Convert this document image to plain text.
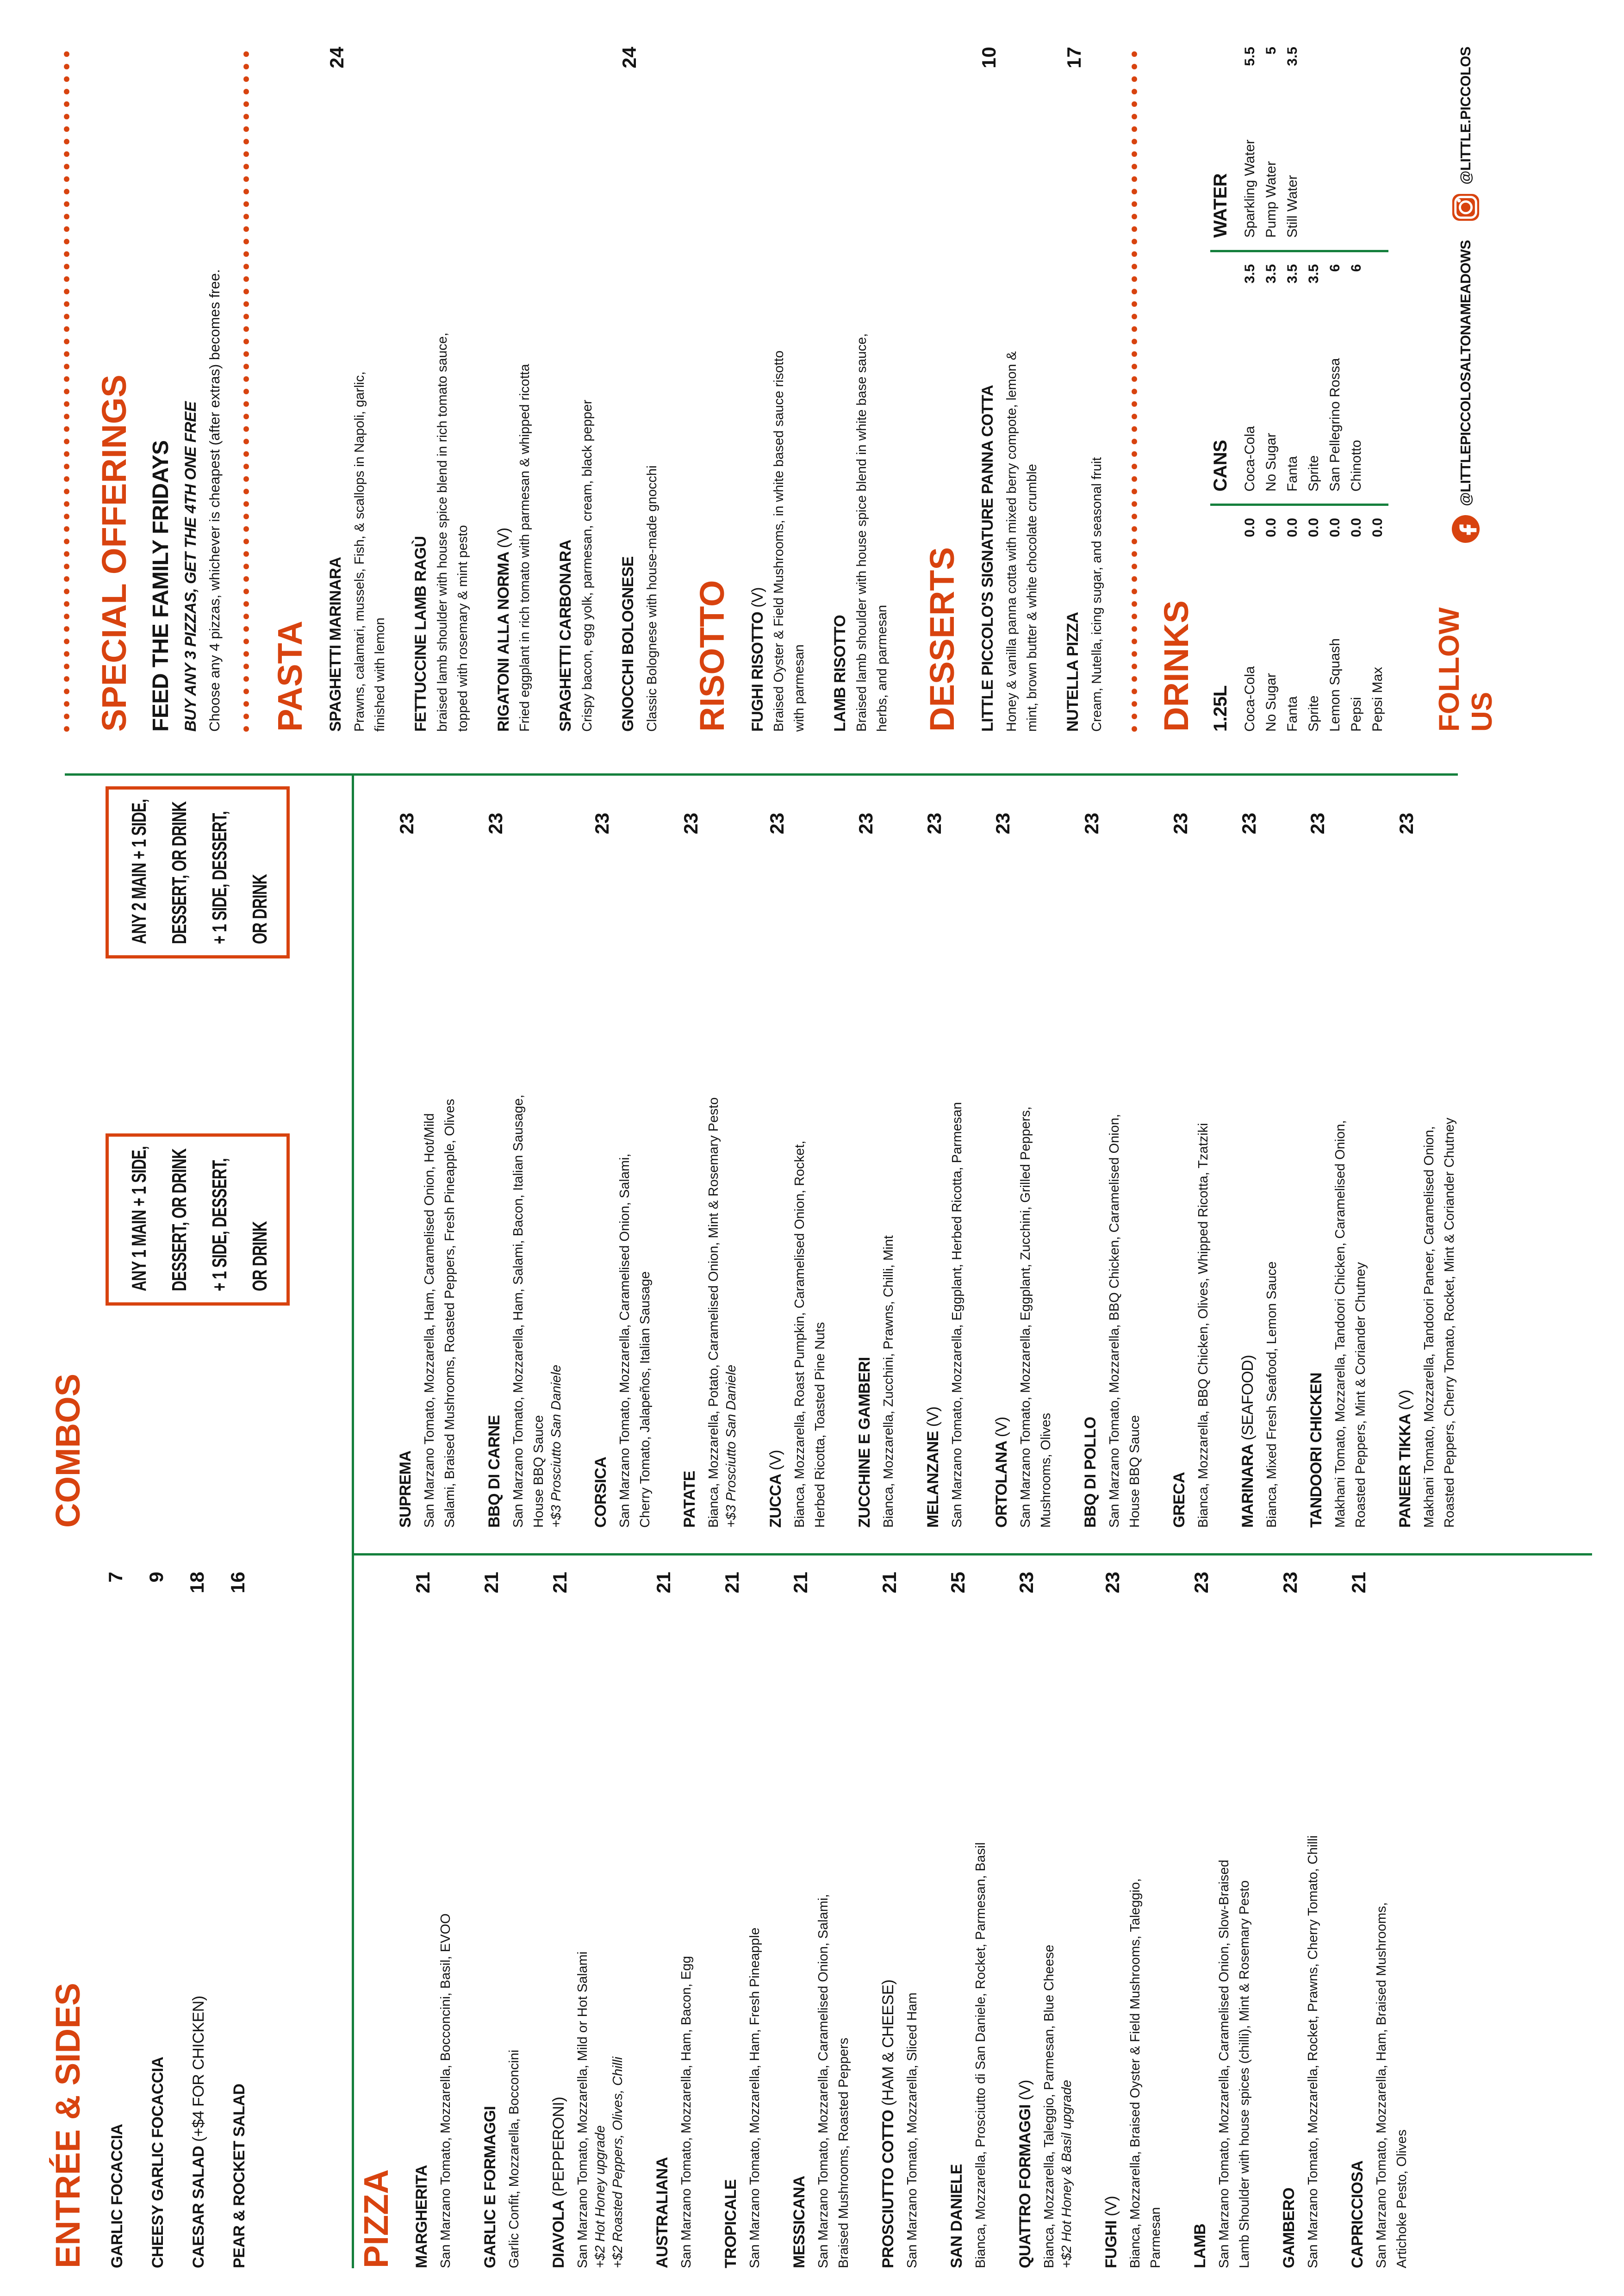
ENTRÉE & SIDES GARLIC FOCACCIA
7
CHEESY GARLIC FOCACCIA
9
CAESAR SALAD (+$4 FOR CHICKEN)
18
PEAR & ROCKET SALAD
16
PIZZA MARGHERITA
21
San Marzano Tomato, Mozzarella, Bocconcini, Basil, EVOO GARLIC E FORMAGGI
21
Garlic Confit, Mozzarella, Bocconcini DIAVOLA (PEPPERONI)
21
San Marzano Tomato, Mozzarella, Mild or Hot Salami +$2 Hot Honey upgrade +$2 Roasted Peppers, Olives, Chilli AUSTRALIANA
21
San Marzano Tomato, Mozzarella, Ham, Bacon, Egg TROPICALE
21
San Marzano Tomato, Mozzarella, Ham, Fresh Pineapple MESSICANA
21
San Marzano Tomato, Mozzarella, Caramelised Onion, Salami, Braised Mushrooms, Roasted Peppers PROSCIUTTO COTTO (HAM & CHEESE)
21
San Marzano Tomato, Mozzarella, Sliced Ham SAN DANIELE
25
Bianca, Mozzarella, Prosciutto di San Daniele, Rocket, Parmesan, Basil QUATTRO FORMAGGI (V)
23
Bianca, Mozzarella, Taleggio, Parmesan, Blue Cheese +$2 Hot Honey & Basil upgrade FUGHI (V)
23
Bianca, Mozzarella, Braised Oyster & Field Mushrooms, Taleggio, Parmesan LAMB
23
San Marzano Tomato, Mozzarella, Caramelised Onion, Slow-Braised Lamb Shoulder with house spices (chilli), Mint & Rosemary Pesto GAMBERO
23
San Marzano Tomato, Mozzarella, Rocket, Prawns, Cherry Tomato, Chilli CAPRICCIOSA
21
San Marzano Tomato, Mozzarella, Ham, Braised Mushrooms, Artichoke Pesto, Olives
COMBOS
ANY 1 MAIN + 1 SIDE, DESSERT, OR DRINK + 1 SIDE, DESSERT, OR DRINK
ANY 2 MAIN + 1 SIDE, DESSERT, OR DRINK + 1 SIDE, DESSERT, OR DRINK
SUPREMA
23
San Marzano Tomato, Mozzarella, Ham, Caramelised Onion, Hot/Mild Salami, Braised Mushrooms, Roasted Peppers, Fresh Pineapple, Olives BBQ DI CARNE
23
San Marzano Tomato, Mozzarella, Ham, Salami, Bacon, Italian Sausage, House BBQ Sauce +$3 Prosciutto San Daniele CORSICA
23
San Marzano Tomato, Mozzarella, Caramelised Onion, Salami, Cherry Tomato, Jalapeños, Italian Sausage PATATE
23
Bianca, Mozzarella, Potato, Caramelised Onion, Mint & Rosemary Pesto +$3 Prosciutto San Daniele ZUCCA (V)
23
Bianca, Mozzarella, Roast Pumpkin, Caramelised Onion, Rocket, Herbed Ricotta, Toasted Pine Nuts ZUCCHINE E GAMBERI
23
Bianca, Mozzarella, Zucchini, Prawns, Chilli, Mint MELANZANE (V)
23
San Marzano Tomato, Mozzarella, Eggplant, Herbed Ricotta, Parmesan ORTOLANA (V)
23
San Marzano Tomato, Mozzarella, Eggplant, Zucchini, Grilled Peppers, Mushrooms, Olives BBQ DI POLLO
23
San Marzano Tomato, Mozzarella, BBQ Chicken, Caramelised Onion, House BBQ Sauce GRECA
23
Bianca, Mozzarella, BBQ Chicken, Olives, Whipped Ricotta, Tzatziki MARINARA (SEAFOOD)
23
Bianca, Mixed Fresh Seafood, Lemon Sauce TANDOORI CHICKEN
23
Makhani Tomato, Mozzarella, Tandoori Chicken, Caramelised Onion, Roasted Peppers, Mint & Coriander Chutney PANEER TIKKA (V)
23
Makhani Tomato, Mozzarella, Tandoori Paneer, Caramelised Onion, Roasted Peppers, Cherry Tomato, Rocket, Mint & Coriander Chutney
SPECIAL OFFERINGS FEED THE FAMILY FRIDAYS BUY ANY 3 PIZZAS, GET THE 4TH ONE FREE Choose any 4 pizzas, whichever is cheapest (after extras) becomes free. PASTA SPAGHETTI MARINARA
24
Prawns, calamari, mussels, Fish, & scallops in Napoli, garlic, finished with lemon FETTUCCINE LAMB RAGÙ braised lamb shoulder with house spice blend in rich tomato sauce, topped with rosemary & mint pesto RIGATONI ALLA NORMA (V) Fried eggplant in rich tomato with parmesan & whipped ricotta SPAGHETTI CARBONARA Crispy bacon, egg yolk, parmesan, cream, black pepper GNOCCHI BOLOGNESE
24
Classic Bolognese with house-made gnocchi RISOTTO FUGHI RISOTTO (V) Braised Oyster & Field Mushrooms, in white based sauce risotto with parmesan LAMB RISOTTO Braised lamb shoulder with house spice blend in white base sauce, herbs, and parmesan DESSERTS LITTLE PICCOLO'S SIGNATURE PANNA COTTA
10
Honey & vanilla panna cotta with mixed berry compote, lemon & mint, brown butter & white chocolate crumble NUTELLA PIZZA
17
Cream, Nutella, icing sugar, and seasonal fruit DRINKS 1.25L Coca-Cola
0.0
No Sugar
0.0
Fanta
0.0
Sprite
0.0
Lemon Squash
0.0
Pepsi
0.0
Pepsi Max
0.0
CANS Coca-Cola
3.5
No Sugar
3.5
Fanta
3.5
Sprite
3.5
San Pellegrino Rossa
6
Chinotto
6
WATER Sparkling Water
5.5
Pump Water
5
Still Water
3.5
FOLLOW US
@LITTLEPICCOLOSALTONAMEADOWS
@LITTLE.PICCOLOS
